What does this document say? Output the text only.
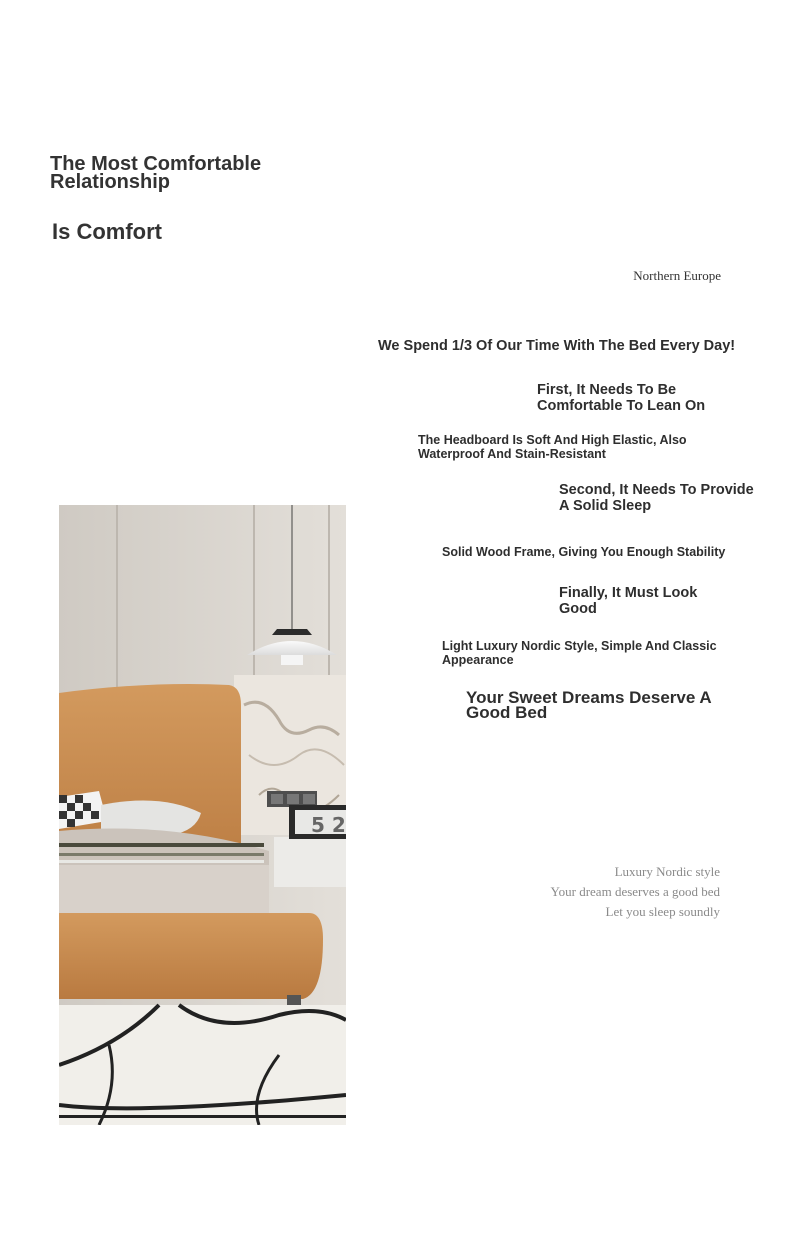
The Most Comfortable
Relationship
Is Comfort
Northern Europe
We Spend 1/3 Of Our Time With The Bed Every Day!
First, It Needs To Be
Comfortable To Lean On
The Headboard Is Soft And High Elastic, Also
Waterproof And Stain-Resistant
Second, It Needs To Provide
A Solid Sleep
Solid Wood Frame, Giving You Enough Stability
Finally, It Must Look
Good
Light Luxury Nordic Style, Simple And Classic
Appearance
Your Sweet Dreams Deserve A
Good Bed
Luxury Nordic style
Your dream deserves a good bed
Let you sleep soundly
5 2
